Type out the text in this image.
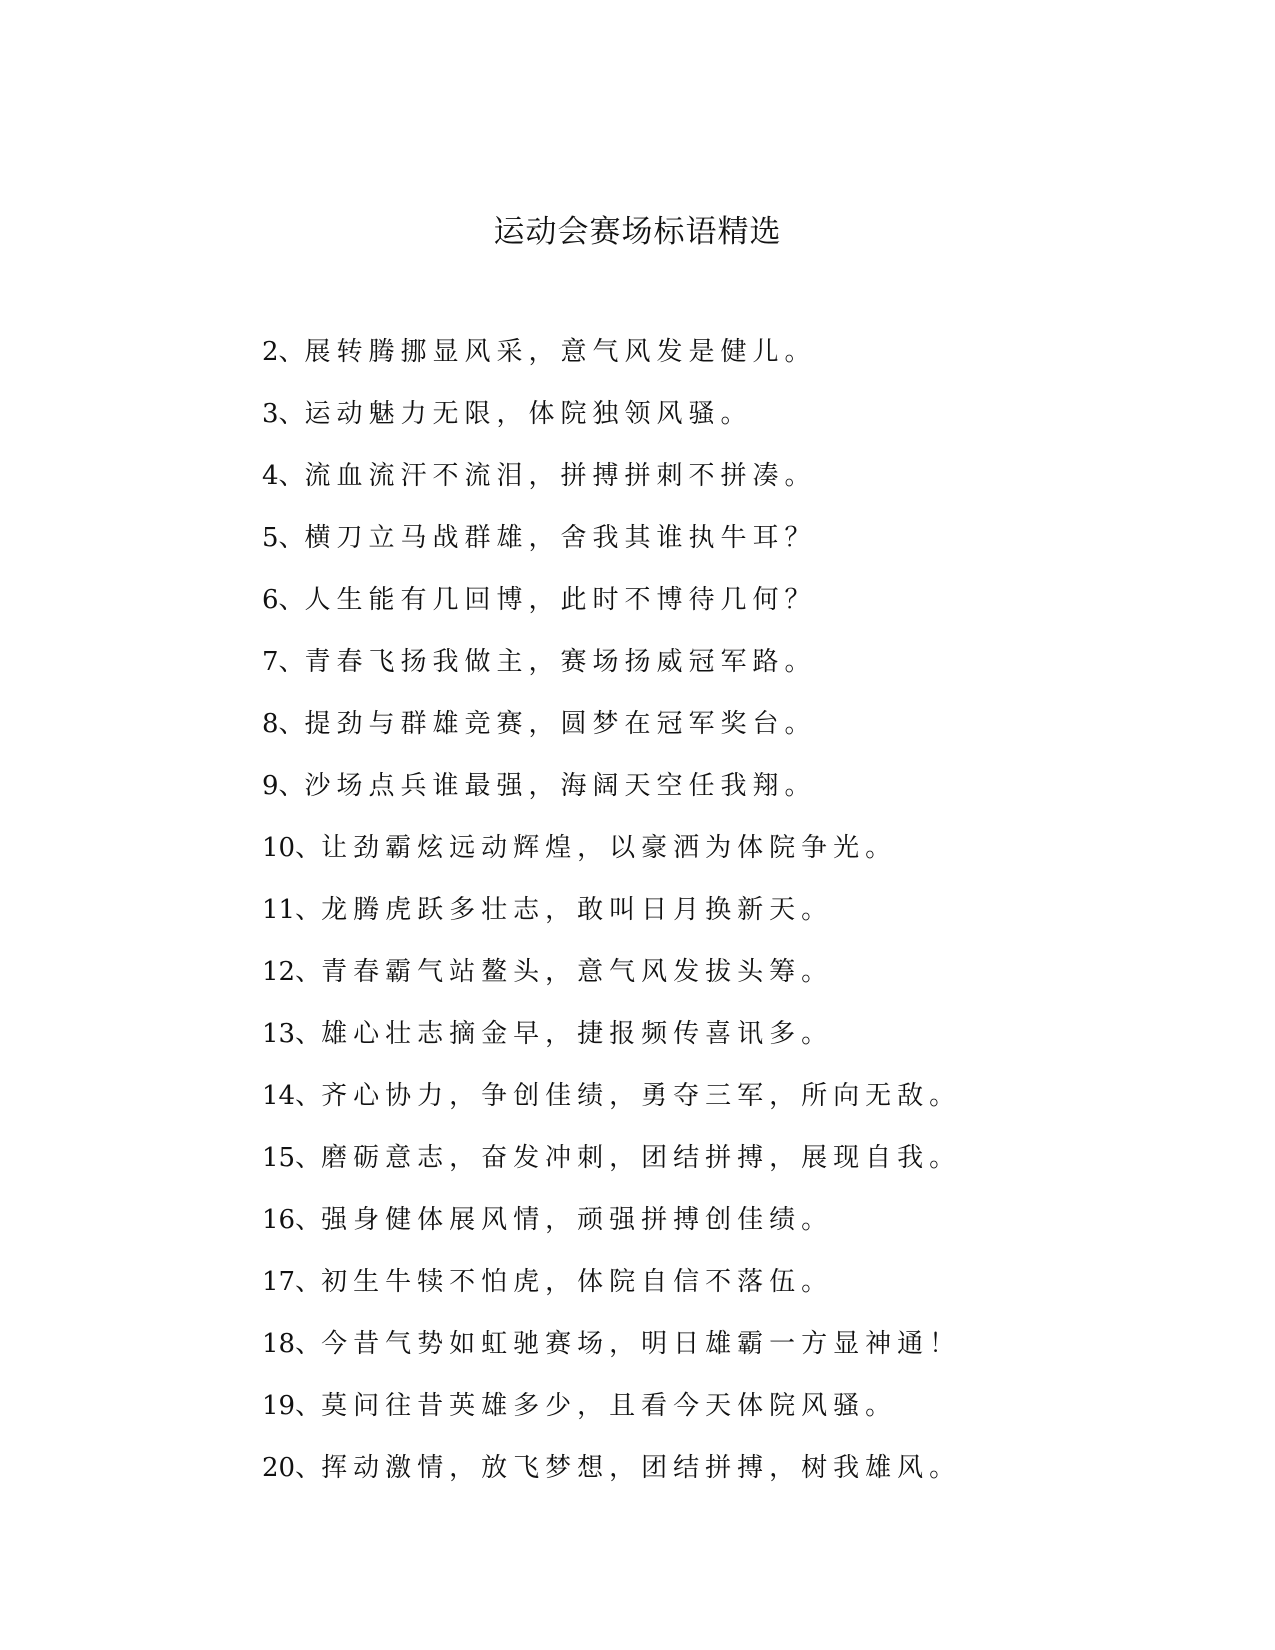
运动会赛场标语精选
2、展转腾挪显风采，意气风发是健儿。
3、运动魅力无限，体院独领风骚。
4、流血流汗不流泪，拼搏拼刺不拼凑。
5、横刀立马战群雄，舍我其谁执牛耳？
6、人生能有几回博，此时不博待几何？
7、青春飞扬我做主，赛场扬威冠军路。
8、提劲与群雄竞赛，圆梦在冠军奖台。
9、沙场点兵谁最强，海阔天空任我翔。
10、让劲霸炫远动辉煌，以豪洒为体院争光。
11、龙腾虎跃多壮志，敢叫日月换新天。
12、青春霸气站鳌头，意气风发拔头筹。
13、雄心壮志摘金早，捷报频传喜讯多。
14、齐心协力，争创佳绩，勇夺三军，所向无敌。
15、磨砺意志，奋发冲刺，团结拼搏，展现自我。
16、强身健体展风情，顽强拼搏创佳绩。
17、初生牛犊不怕虎，体院自信不落伍。
18、今昔气势如虹驰赛场，明日雄霸一方显神通！
19、莫问往昔英雄多少，且看今天体院风骚。
20、挥动激情，放飞梦想，团结拼搏，树我雄风。
